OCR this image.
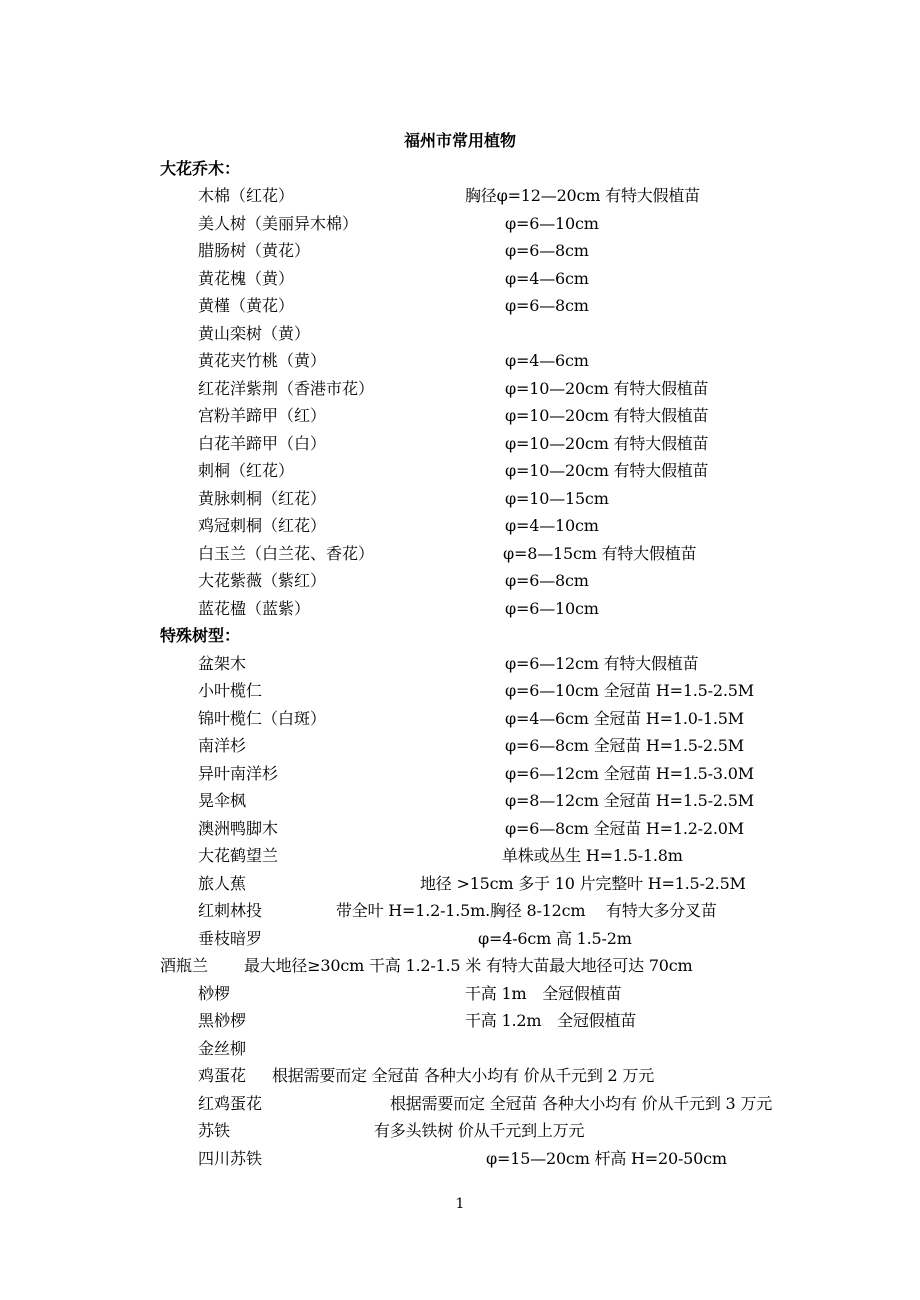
福州市常用植物
大花乔木：
木棉（红花）	胸径φ=12—20cm 有特大假植苗
美人树（美丽异木棉）	φ=6—10cm
腊肠树（黄花）	φ=6—8cm
黄花槐（黄）	φ=4—6cm
黄槿（黄花）	φ=6—8cm
黄山栾树（黄）
黄花夹竹桃（黄）	φ=4—6cm
红花洋紫荆（香港市花）	φ=10—20cm 有特大假植苗
宫粉羊蹄甲（红）	φ=10—20cm 有特大假植苗
白花羊蹄甲（白）	φ=10—20cm 有特大假植苗
刺桐（红花）	φ=10—20cm 有特大假植苗
黄脉刺桐（红花）	φ=10—15cm
鸡冠刺桐（红花）	φ=4—10cm
白玉兰（白兰花、香花）	φ=8—15cm 有特大假植苗
大花紫薇（紫红）	φ=6—8cm
蓝花楹（蓝紫）	φ=6—10cm
特殊树型：
盆架木	φ=6—12cm 有特大假植苗
小叶榄仁	φ=6—10cm 全冠苗 H=1.5-2.5M
锦叶榄仁（白斑）	φ=4—6cm 全冠苗 H=1.0-1.5M
南洋杉	φ=6—8cm 全冠苗 H=1.5-2.5M
异叶南洋杉	φ=6—12cm 全冠苗 H=1.5-3.0M
晃伞枫	φ=8—12cm 全冠苗 H=1.5-2.5M
澳洲鸭脚木	φ=6—8cm 全冠苗 H=1.2-2.0M
大花鹤望兰	单株或丛生 H=1.5-1.8m
旅人蕉	地径 >15cm 多于 10 片完整叶 H=1.5-2.5M
红刺林投	带全叶 H=1.2-1.5m.胸径 8-12cm　 有特大多分叉苗
垂枝暗罗	φ=4-6cm 高 1.5-2m
酒瓶兰 最大地径≥30cm 干高 1.2-1.5 米 有特大苗最大地径可达 70cm
桫椤	干高 1m　全冠假植苗
黑桫椤	干高 1.2m　全冠假植苗
金丝柳
鸡蛋花 根据需要而定 全冠苗 各种大小均有 价从千元到 2 万元
红鸡蛋花	根据需要而定 全冠苗 各种大小均有 价从千元到 3 万元
苏铁	有多头铁树 价从千元到上万元
四川苏铁	φ=15—20cm 杆高 H=20-50cm
1
